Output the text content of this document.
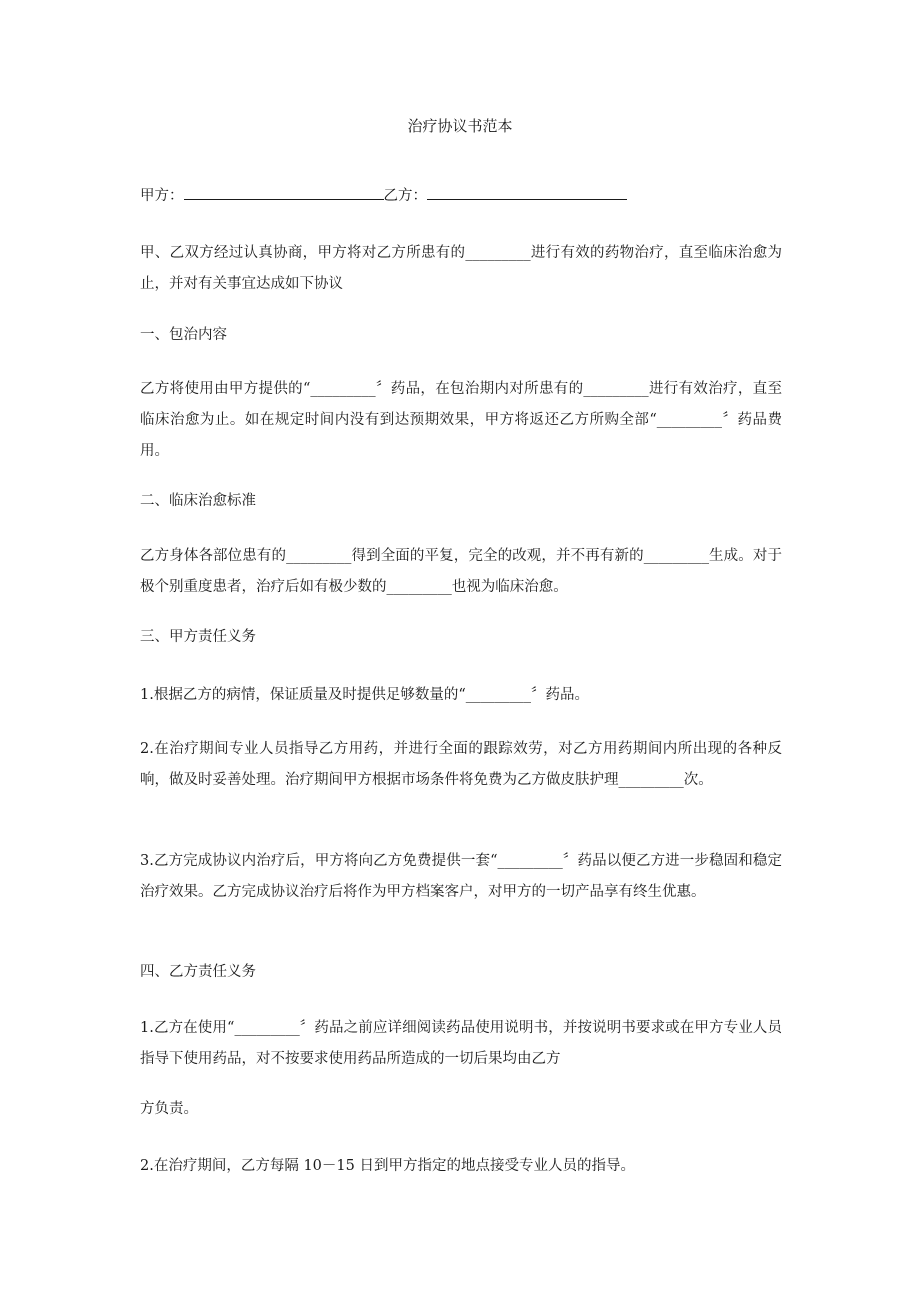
治疗协议书范本
甲方：	乙方：

甲、乙双方经过认真协商，甲方将对乙方所患有的_________进行有效的药物治疗，直至临床治愈为止，并对有关事宜达成如下协议

一、包治内容

乙方将使用由甲方提供的“_________〞药品，在包治期内对所患有的_________进行有效治疗，直至临床治愈为止。如在规定时间内没有到达预期效果，甲方将返还乙方所购全部“_________〞药品费用。

二、临床治愈标准

乙方身体各部位患有的_________得到全面的平复，完全的改观，并不再有新的_________生成。对于极个别重度患者，治疗后如有极少数的_________也视为临床治愈。

三、甲方责任义务

1.根据乙方的病情，保证质量及时提供足够数量的“_________〞药品。

2.在治疗期间专业人员指导乙方用药，并进行全面的跟踪效劳，对乙方用药期间内所出现的各种反响，做及时妥善处理。治疗期间甲方根据市场条件将免费为乙方做皮肤护理_________次。

3.乙方完成协议内治疗后，甲方将向乙方免费提供一套“_________〞药品以便乙方进一步稳固和稳定治疗效果。乙方完成协议治疗后将作为甲方档案客户，对甲方的一切产品享有终生优惠。

四、乙方责任义务

1.乙方在使用“_________〞药品之前应详细阅读药品使用说明书，并按说明书要求或在甲方专业人员指导下使用药品，对不按要求使用药品所造成的一切后果均由乙方

方负责。

2.在治疗期间，乙方每隔 10－15 日到甲方指定的地点接受专业人员的指导。
